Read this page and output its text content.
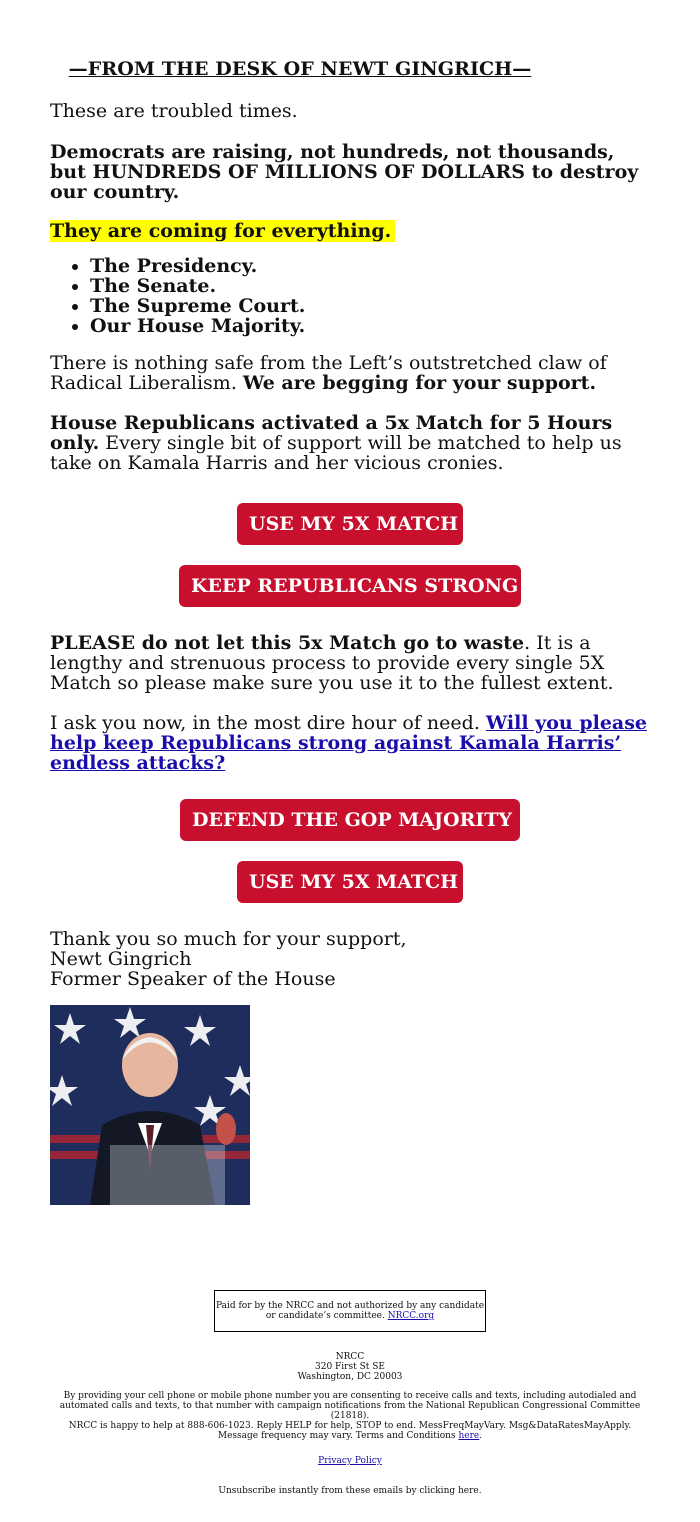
—FROM THE DESK OF NEWT GINGRICH—

These are troubled times.

Democrats are raising, not hundreds, not thousands, but HUNDREDS OF MILLIONS OF DOLLARS to destroy our country.

They are coming for everything.

• The Presidency.
• The Senate.
• The Supreme Court.
• Our House Majority.

There is nothing safe from the Left’s outstretched claw of Radical Liberalism. We are begging for your support.

House Republicans activated a 5x Match for 5 Hours only. Every single bit of support will be matched to help us take on Kamala Harris and her vicious cronies.

PLEASE do not let this 5x Match go to waste. It is a lengthy and strenuous process to provide every single 5X Match so please make sure you use it to the fullest extent.

I ask you now, in the most dire hour of need. Will you please help keep Republicans strong against Kamala Harris’ endless attacks?

Thank you so much for your support,
Newt Gingrich
Former Speaker of the House

USE MY 5X MATCH
KEEP REPUBLICANS STRONG
DEFEND THE GOP MAJORITY
USE MY 5X MATCH
Paid for by the NRCC and not authorized by any candidate or candidate’s committee. NRCC.org
NRCC
320 First St SE
Washington, DC 20003
By providing your cell phone or mobile phone number you are consenting to receive calls and texts, including autodialed and automated calls and texts, to that number with campaign notifications from the National Republican Congressional Committee (21818).
NRCC is happy to help at 888-606-1023. Reply HELP for help, STOP to end. MessFreqMayVary. Msg&DataRatesMayApply. Message frequency may vary. Terms and Conditions here.
Privacy Policy
Unsubscribe instantly from these emails by clicking here.
